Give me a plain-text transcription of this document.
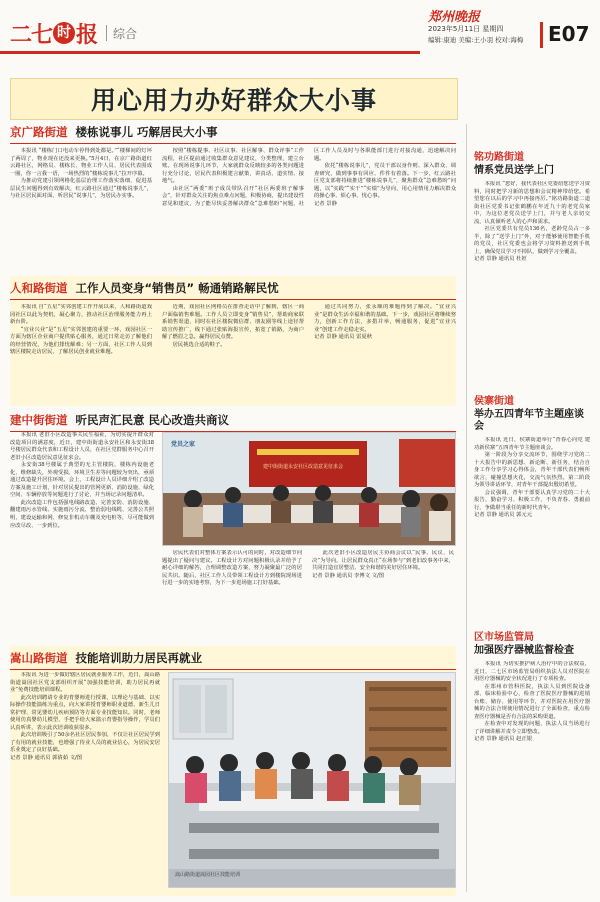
二七 时 报 综合
郑州晚报
2023年5月11日 星期四
编辑:康迪 美编:王小羽 校对:海梅 E07
用心用力办好群众大小事
京广路街道 楼栋说事儿 巧解居民大小事

本报讯 “楼栋门口电动车停得到处都是。”“楼梯间的灯坏了两周了，物业现在还没来更换。”5月4日，在京广路街道红云路社区，网格员、楼栋长、物业工作人员、居民代表围成一圈，你一言我一语，一场热烈的“楼栋说事儿”拉开序幕。

为推动党建引领网格化基层治理工作落实落细，促进基层民生问题得到有效解决，红云路社区通过“楼栋说事儿”，与社区居民面对面、听居民“说事儿”，为居民办实事。

按照“楼栋提事、社区议事、社区解事、群众评事”工作流程，社区提前通过收集群众意见建议，分类整理，建立台账。在现场说事儿环节，大家就群众反映较多的各类问题进行充分讨论，居民代表积极建言献策，讲真话、道实情、接地气。

由社区“两委”班子成员带队召开“社区两委班子解事会”，针对群众关注的焦点难点问题，积极协商，提出建设性意见和建议，为了能尽快妥善解决群众“急难愁盼”问题，社区工作人员及时与各职能部门进行对接沟通，迅速解决问题。

依托“楼栋说事儿”，党员干部以身作则、深入群众、调查研究，做到事事有回应、件件有着落。下一步，红云路社区党支部将持续推进“楼栋说事儿”，聚焦群众“急难愁盼”问题，以“实践”“实干”“实绩”为导向，用心用情用力解决群众的操心事、烦心事、忧心事。

记者 景静
人和路街道 工作人员变身“销售员” 畅通销路解民忧

本报讯 自“五星”实邻创建工作开展以来，人和路街道戏园社区以此为契机，凝心聚力，推动社区治理服务能力再上新台阶。

“宜业兴业”是“五星”实邻创建的重要一环，戏园社区一方面为辖区企业商户提供贴心服务，通过日常走访了解他们的经营情况，为他们排忧解难；另一方面，社区工作人员到辖区楼院走访居民，了解居民创业就业难题。

近期，戏园社区网格员在排查走访中了解到，辖区一商户面临销售难题。工作人员立即变身“销售员”，帮助商家联系销售渠道，同时在社区楼院微信群、朋友圈等线上途径帮助宣传推广，线下通过张贴海报宣传，拓宽了销路，为商户解了燃眉之急，赢得居民点赞。

居民挑选合适的鞋子。

通过共同努力，张永顺的难题得到了解决。“宜业兴业”是群众生活幸福和谐的基础。下一步，戏园社区将继续努力，创新工作方法，多措并举，畅通服务，促进“宜业兴业”创建工作走稳走实。

记者 景静 通讯员 雷夏秋
建中街街道 听民声汇民意 民心改造共商议

本报讯 老旧小区改造事关民生福祉，为切实提升群众对改造项目的满意度，近日，建中街街道永安社区和永安街38号楼居民群众代表和工程设计人员，在社区党群服务中心召开老旧小区改造居民意见征求会。

永安街38号楼属于典型的无主管楼院，楼栋内设施老化、维修缺失，外观受损、环境卫生差等问题较为突出，亟须通过改造提升居住环境。会上，工程设计人员详细介绍了改造方案及施工计划，针对居民提出的管网更新、消防设施、绿化空间、车辆停放等问题进行了讨论，并当场记录问题清单。

此次改造工作包括强电线路改造、完善安防、消防设施、翻建雨污水管线、实施雨污分流、整治弱电线缆、完善公共照明、建设运输和网、修复非机动车棚及充电桩等，尽可能做到应改尽改、一步到位。

党员之家
建中街街道永安社区改造意见征求会

居民代表们对整体方案表示认可的同时，对改造细节问题提出了疑问与建议。工程设计方对问题积极认录并给予了耐心详细的解答，合理调整改造方案，努力凝聚最广泛的居民共识。随后，社区工作人员带领工程设计方到楼院现场进行进一步的实地考察，为下一步进场施工打好基础。

此次老旧小区改造居民主协商会议以“民事、民议、民决”为导向，让居民群众真正“在场参与”到老旧改事务中来，共同打造宜居整洁、安全和谐的美好居住环境。

记者 景静 通讯员 李博文 文/图
嵩山路街道 技能培训助力居民再就业

本报讯 为进一步做好辖区居民就业服务工作，近日，嵩山路街道嵩园社区党支部组织开展“加强技能培训，助力居民再就业”免费技能培训课程。

此次培训聘请专业的育婴师进行授课，以理论与基础、以实际操作技能演练为重点，向大家讲授育婴师职业道德、新生儿日常护理、常见婴幼儿疾病预防等方面专业技能知识。同时，老师使用仿真婴幼儿模型，手把手给大家演示育婴指导操作，学员们认真听讲，表示此次培训收获很多。

此次培训吸引了50余名社区居民参加，不仅让社区居民学到了有用的就业技能，也增强了待业人员的就业信心，为居民安居乐业奠定了良好基础。

记者 景静 通讯员 郭倩茹 文/图
嵩山路街道嵩园社区技能培训
铭功路街道
情系党员送学上门

本报讯 “您好，我代表社区党委给您送学习资料，同时把学习新的思想和会议精神带给您。希望您在以后的学习中再接再厉。”铭功路街道二道街社区党委书记张鹤鹏在年近九十的老党员家中，为这位老党员送学上门，并与老人亲切交流，认真倾听老人的心声和需求。

社区党委共有党员136名，老龄党员占一多半，除了“送学上门”外，对于能够使用智能手机的党员，社区党委也会将学习资料推送到手机上，确保党员学习不掉队，做到学习全覆盖。

记者 景静 通讯员 杜姮
侯寨街道
举办五四青年节主题座谈会

本报讯 近日，侯寨街道举行“青春心向党 建功新侯寨”五四青年节主题座谈会。

第一阶段为分享交流环节，围绕学习党的二十大报告中的新思想、新论断、新任务，结合自身工作分享学习心得体会，青年干部代表们畅所欲言，碰撞思想火花，交流气氛热烈。第二阶段为领导讲话环节，对青年干部提出殷切希望。

会议强调，青年干部要认真学习党的二十大报告，勤奋学习、积极工作，不负青春、勇毅前行，争做堪当重任的新时代青年。

记者 景静 通讯员 郭元元
区市场监管局
加强医疗器械监督检查

本报讯 为切实推护病人治疗中的合法权益，近日，二七区市场监管局组织执法人员对医院在用医疗器械的安全状况进行了专项检查。

在郑州市管科医院，执法人员到医院设备部、临床检验中心，检查了医院医疗器械的进销台账、储存、使用等环节，并对医院在用医疗器械的合法合规使用情况进行了全面检查，重点检查医疗器械是否有合法的采购渠道。

在检查中对发现的问题，执法人员当场进行了详细讲解并责令立即整改。

记者 景静 通讯员 赵正银
